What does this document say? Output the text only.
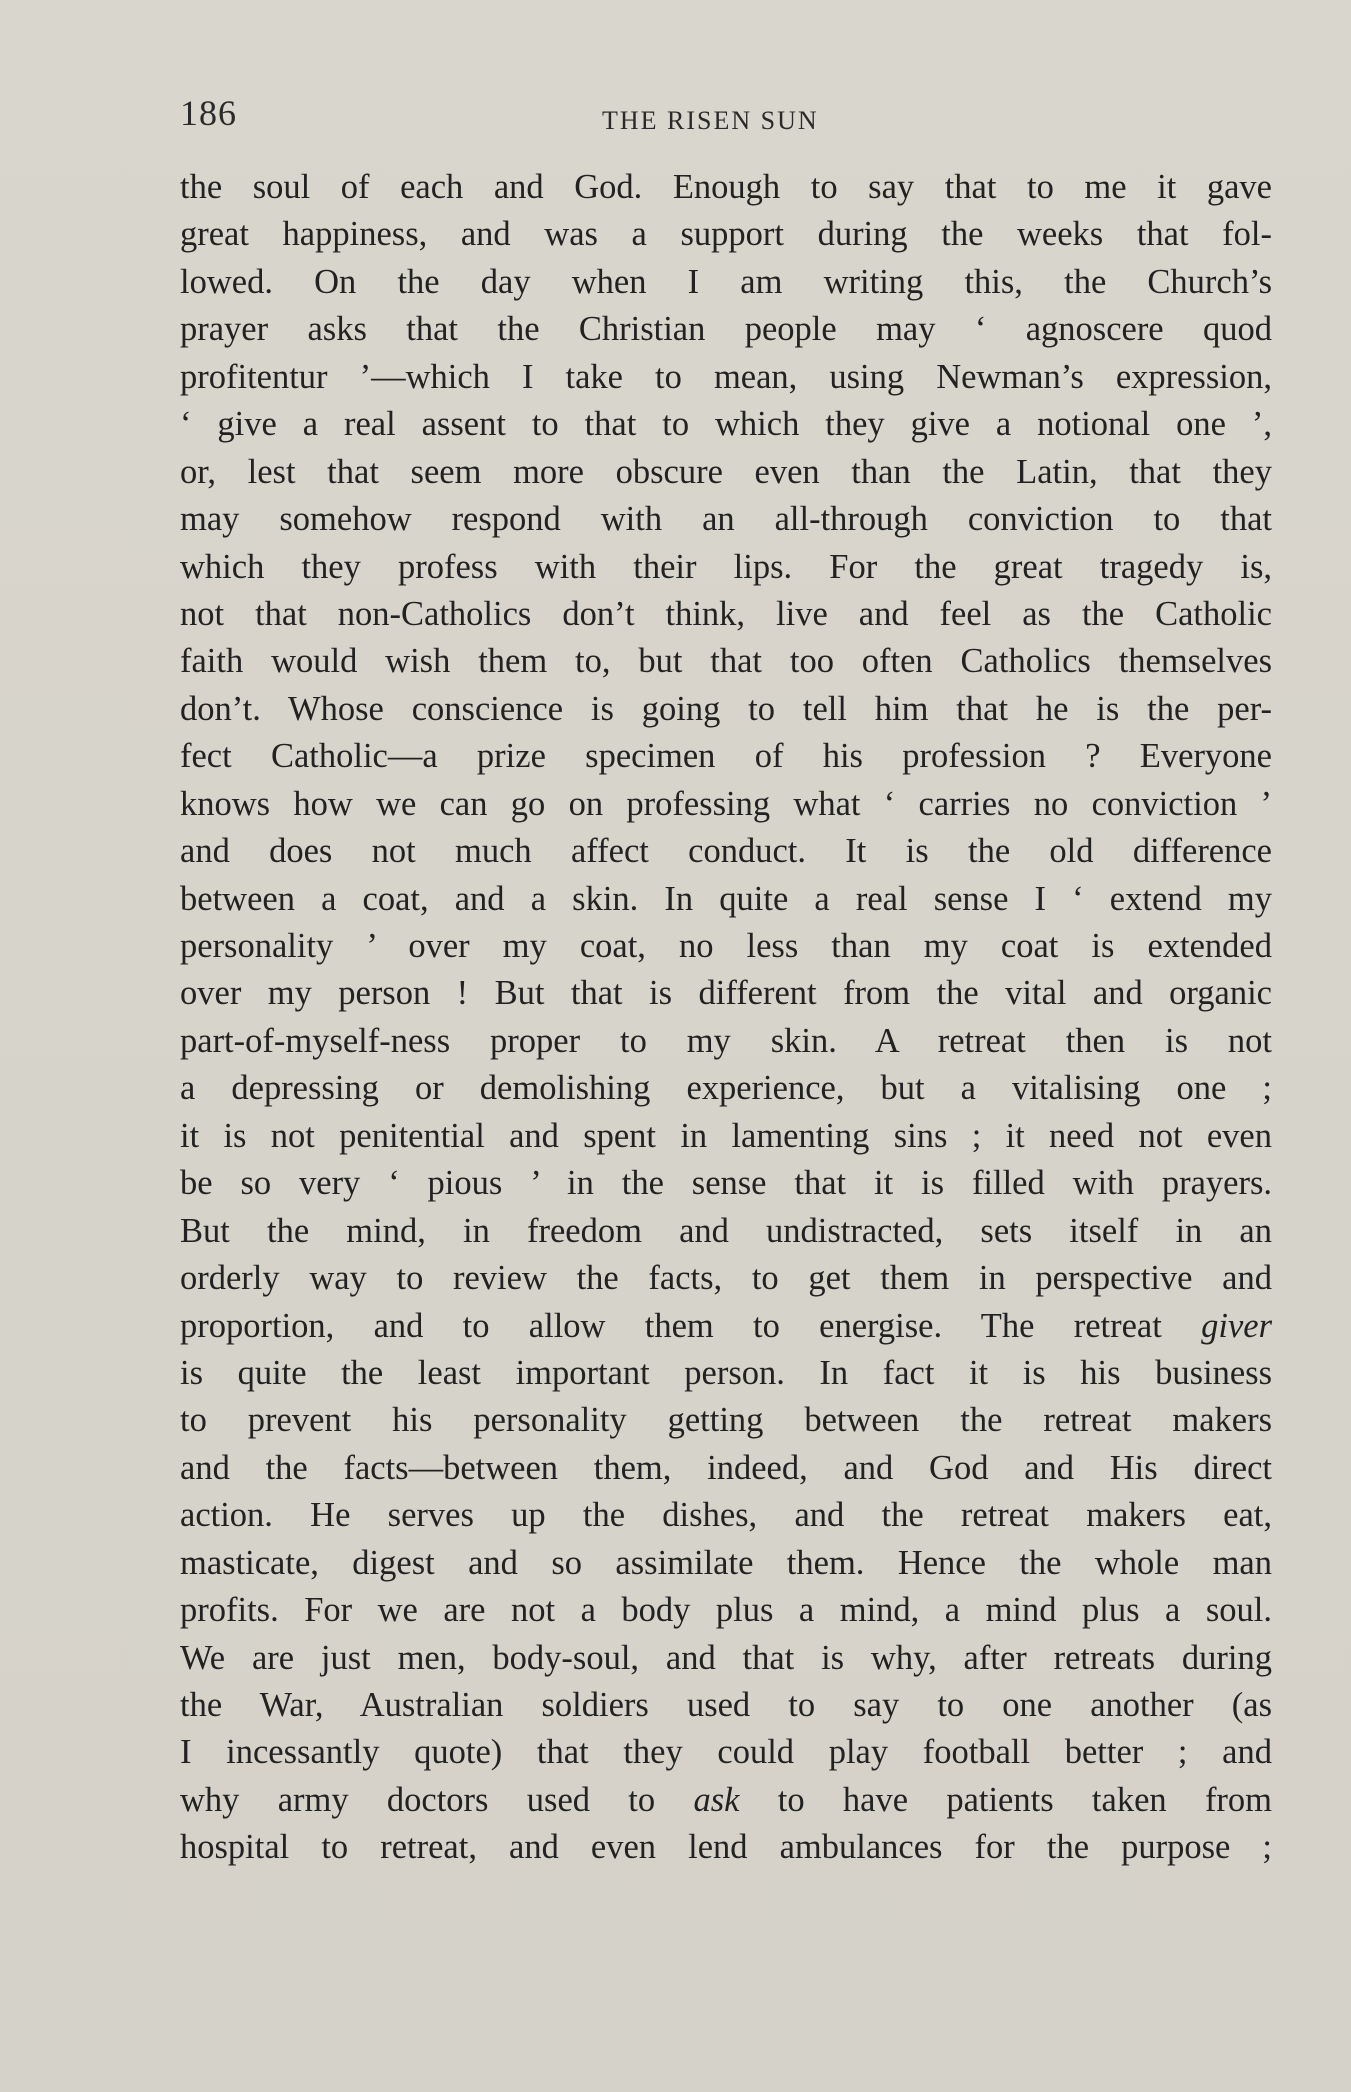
186	THE RISEN SUN
the soul of each and God. Enough to say that to me it gave
great happiness, and was a support during the weeks that fol-
lowed. On the day when I am writing this, the Church’s
prayer asks that the Christian people may ‘ agnoscere quod
profitentur ’—which I take to mean, using Newman’s expression,
‘ give a real assent to that to which they give a notional one ’,
or, lest that seem more obscure even than the Latin, that they
may somehow respond with an all-through conviction to that
which they profess with their lips. For the great tragedy is,
not that non-Catholics don’t think, live and feel as the Catholic
faith would wish them to, but that too often Catholics themselves
don’t. Whose conscience is going to tell him that he is the per-
fect Catholic—a prize specimen of his profession ? Everyone
knows how we can go on professing what ‘ carries no conviction ’
and does not much affect conduct. It is the old difference
between a coat, and a skin. In quite a real sense I ‘ extend my
personality ’ over my coat, no less than my coat is extended
over my person ! But that is different from the vital and organic
part-of-myself-ness proper to my skin. A retreat then is not
a depressing or demolishing experience, but a vitalising one ;
it is not penitential and spent in lamenting sins ; it need not even
be so very ‘ pious ’ in the sense that it is filled with prayers.
But the mind, in freedom and undistracted, sets itself in an
orderly way to review the facts, to get them in perspective and
proportion, and to allow them to energise. The retreat giver
is quite the least important person. In fact it is his business
to prevent his personality getting between the retreat makers
and the facts—between them, indeed, and God and His direct
action. He serves up the dishes, and the retreat makers eat,
masticate, digest and so assimilate them. Hence the whole man
profits. For we are not a body plus a mind, a mind plus a soul.
We are just men, body-soul, and that is why, after retreats during
the War, Australian soldiers used to say to one another (as
I incessantly quote) that they could play football better ; and
why army doctors used to ask to have patients taken from
hospital to retreat, and even lend ambulances for the purpose ;
